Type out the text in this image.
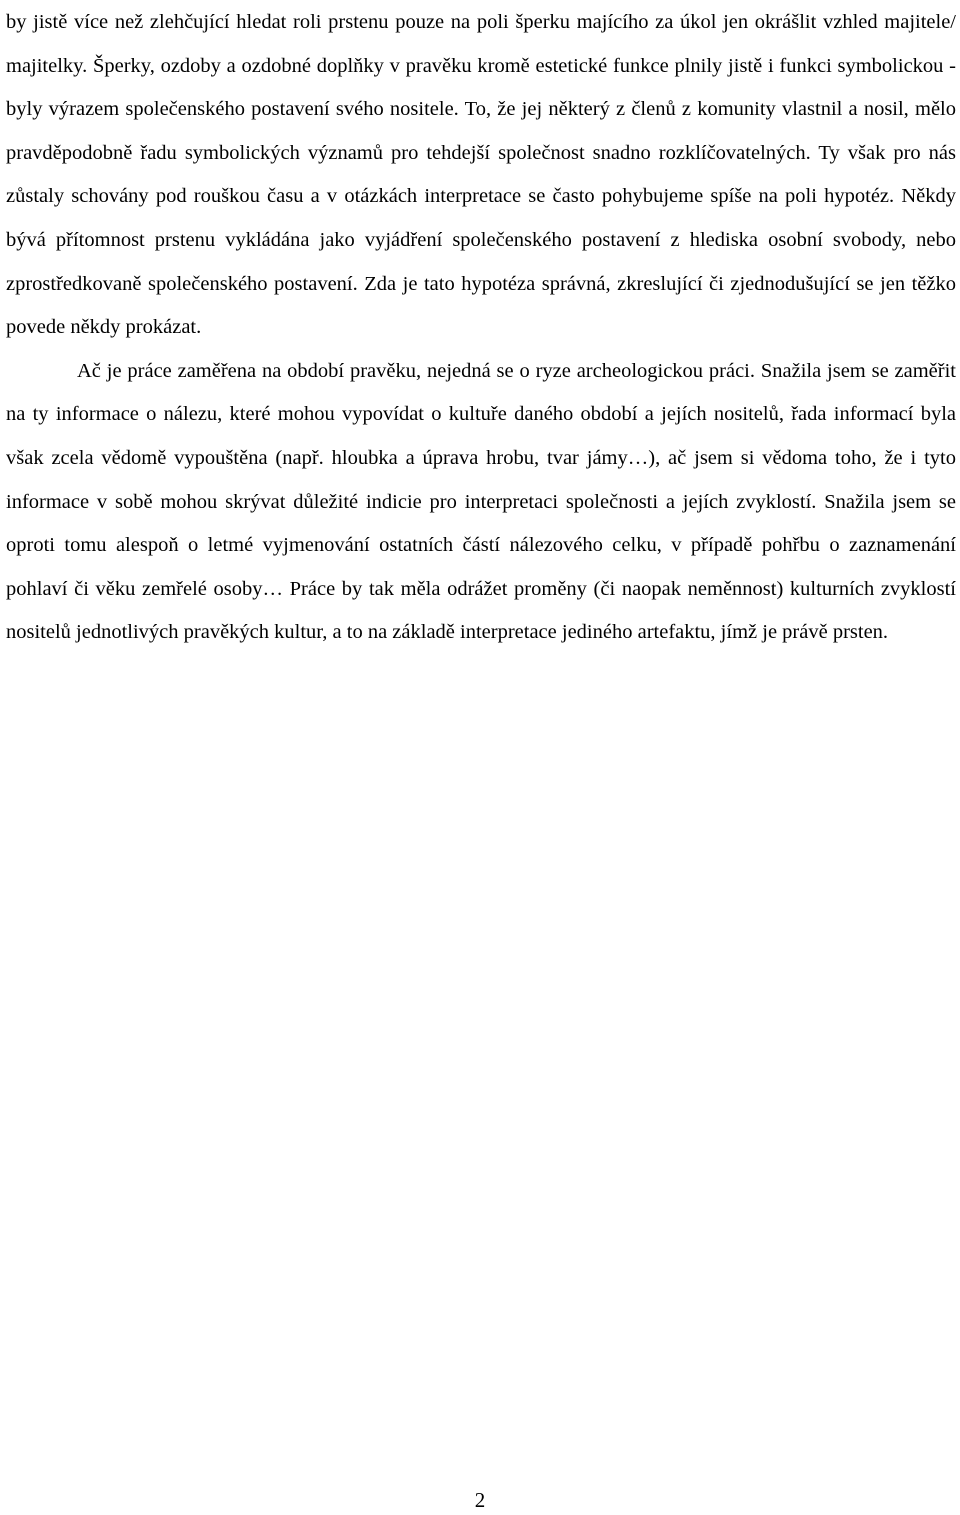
by jistě více než zlehčující hledat roli prstenu pouze na poli šperku majícího za úkol jen okrášlit vzhled majitele/ majitelky. Šperky, ozdoby a ozdobné doplňky v pravěku kromě estetické funkce plnily jistě i funkci symbolickou - byly výrazem společenského postavení svého nositele. To, že jej některý z členů z komunity vlastnil a nosil, mělo pravděpodobně řadu symbolických významů pro tehdejší společnost snadno rozklíčovatelných. Ty však pro nás zůstaly schovány pod rouškou času a v otázkách interpretace se často pohybujeme spíše na poli hypotéz. Někdy bývá přítomnost prstenu vykládána jako vyjádření společenského postavení z hlediska osobní svobody, nebo zprostředkovaně společenského postavení. Zda je tato hypotéza správná, zkreslující či zjednodušující se jen těžko povede někdy prokázat.

Ač je práce zaměřena na období pravěku, nejedná se o ryze archeologickou práci. Snažila jsem se zaměřit na ty informace o nálezu, které mohou vypovídat o kultuře daného období a jejích nositelů, řada informací byla však zcela vědomě vypouštěna (např. hloubka a úprava hrobu, tvar jámy…), ač jsem si vědoma toho, že i tyto informace v sobě mohou skrývat důležité indicie pro interpretaci společnosti a jejích zvyklostí. Snažila jsem se oproti tomu alespoň o letmé vyjmenování ostatních částí nálezového celku, v případě pohřbu o zaznamenání pohlaví či věku zemřelé osoby… Práce by tak měla odrážet proměny (či naopak neměnnost) kulturních zvyklostí nositelů jednotlivých pravěkých kultur, a to na základě interpretace jediného artefaktu, jímž je právě prsten.

2
